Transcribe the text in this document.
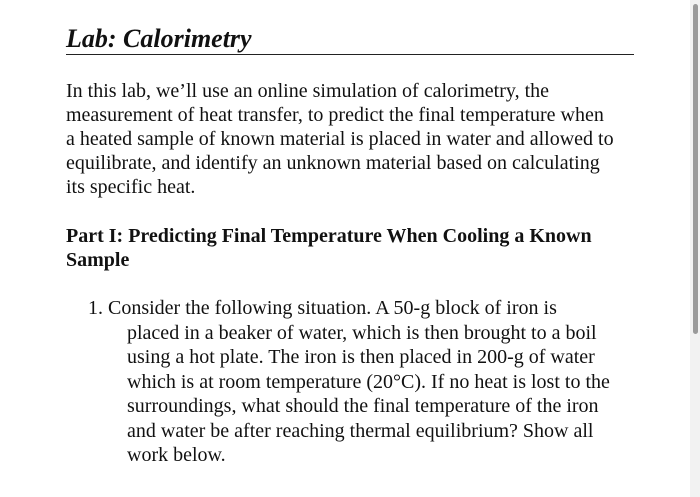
Lab: Calorimetry
In this lab, we’ll use an online simulation of calorimetry, the
measurement of heat transfer, to predict the final temperature when
a heated sample of known material is placed in water and allowed to
equilibrate, and identify an unknown material based on calculating
its specific heat.
Part I: Predicting Final Temperature When Cooling a Known
Sample
1. Consider the following situation. A 50-g block of iron is
placed in a beaker of water, which is then brought to a boil
using a hot plate. The iron is then placed in 200-g of water
which is at room temperature (20°C). If no heat is lost to the
surroundings, what should the final temperature of the iron
and water be after reaching thermal equilibrium? Show all
work below.
